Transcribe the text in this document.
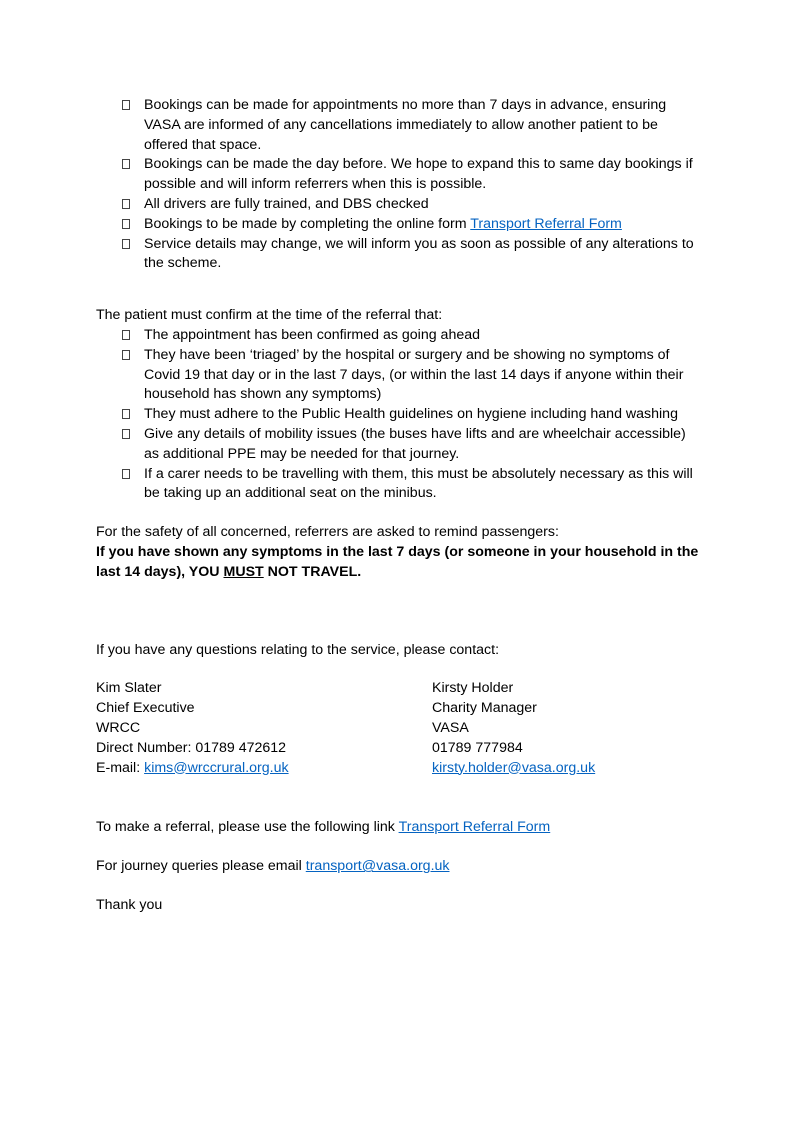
Bookings can be made for appointments no more than 7 days in advance, ensuring VASA are informed of any cancellations immediately to allow another patient to be offered that space.
Bookings can be made the day before. We hope to expand this to same day bookings if possible and will inform referrers when this is possible.
All drivers are fully trained, and DBS checked
Bookings to be made by completing the online form Transport Referral Form
Service details may change, we will inform you as soon as possible of any alterations to the scheme.

The patient must confirm at the time of the referral that:

The appointment has been confirmed as going ahead
They have been ‘triaged’ by the hospital or surgery and be showing no symptoms of Covid 19 that day or in the last 7 days, (or within the last 14 days if anyone within their household has shown any symptoms)
They must adhere to the Public Health guidelines on hygiene including hand washing
Give any details of mobility issues (the buses have lifts and are wheelchair accessible) as additional PPE may be needed for that journey.
If a carer needs to be travelling with them, this must be absolutely necessary as this will be taking up an additional seat on the minibus.

For the safety of all concerned, referrers are asked to remind passengers:

If you have shown any symptoms in the last 7 days (or someone in your household in the last 14 days), YOU MUST NOT TRAVEL.

If you have any questions relating to the service, please contact:

Kim Slater
Chief Executive
WRCC
Direct Number: 01789 472612
E-mail: kims@wrccrural.org.uk
Kirsty Holder
Charity Manager
VASA
01789 777984
kirsty.holder@vasa.org.uk

To make a referral, please use the following link Transport Referral Form

For journey queries please email transport@vasa.org.uk

Thank you
